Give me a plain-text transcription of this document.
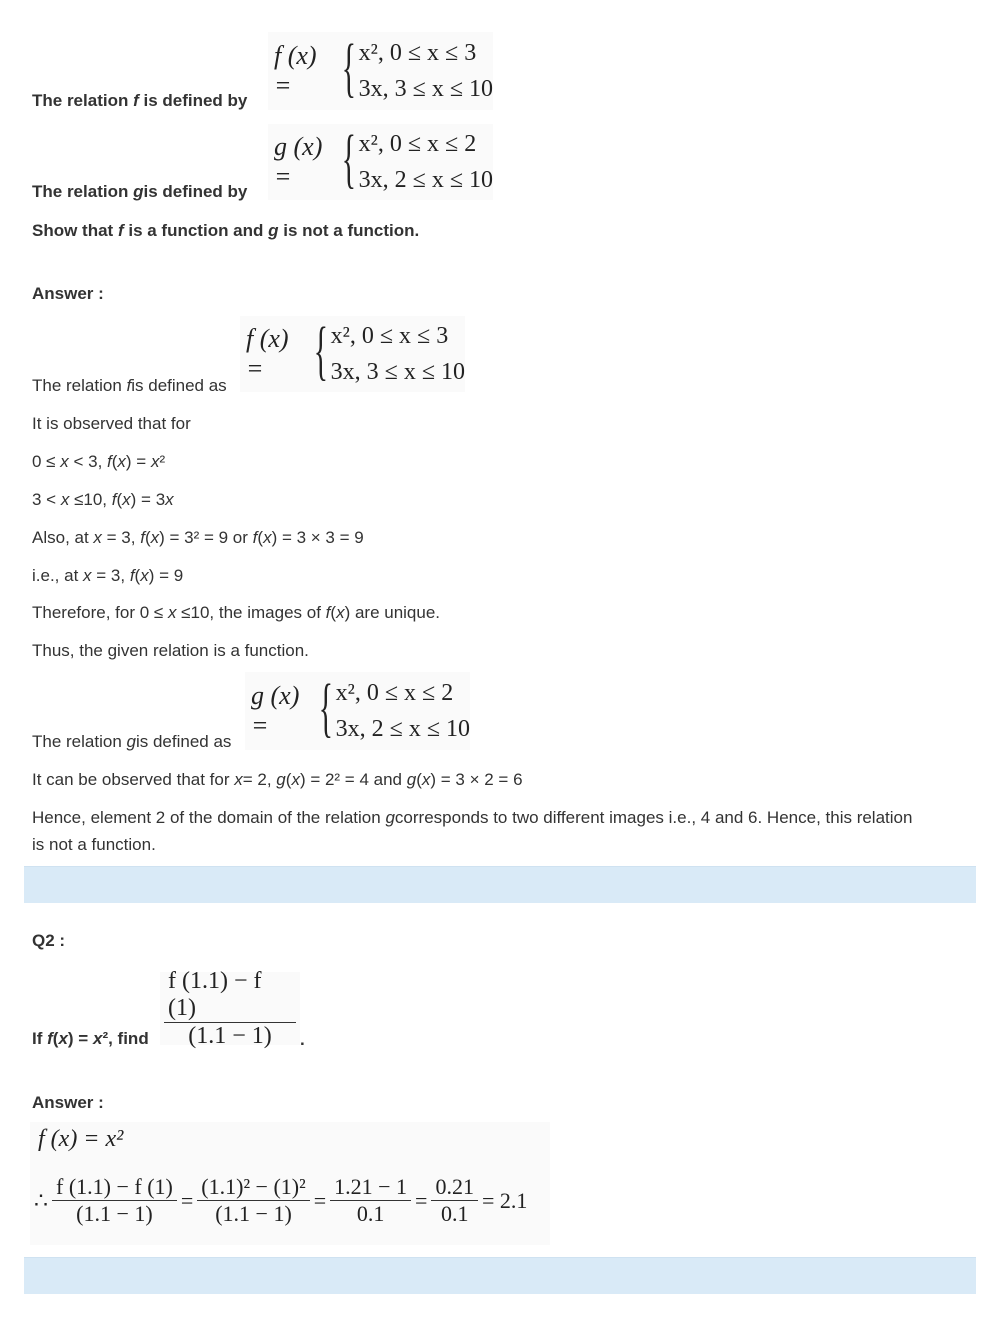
The relation f is defined by
f (x) = { x², 0 ≤ x ≤ 3
3x, 3 ≤ x ≤ 10
The relation gis defined by
g (x) = { x², 0 ≤ x ≤ 2
3x, 2 ≤ x ≤ 10
Show that f is a function and g is not a function.
Answer :
f (x) = { x², 0 ≤ x ≤ 3
3x, 3 ≤ x ≤ 10
The relation fis defined as
It is observed that for
0 ≤ x < 3, f(x) = x²
3 < x ≤10, f(x) = 3x
Also, at x = 3, f(x) = 3² = 9 or f(x) = 3 × 3 = 9
i.e., at x = 3, f(x) = 9
Therefore, for 0 ≤ x ≤10, the images of f(x) are unique.
Thus, the given relation is a function.
g (x) = { x², 0 ≤ x ≤ 2
3x, 2 ≤ x ≤ 10
The relation gis defined as
It can be observed that for x= 2, g(x) = 2² = 4 and g(x) = 3 × 2 = 6
Hence, element 2 of the domain of the relation gcorresponds to two different images i.e., 4 and 6. Hence, this relation
is not a function.
Q2 :
If f(x) = x², find $\frac{f (1.1) - f (1)}{(1.1 - 1)}$ .
Answer :
f (x) = x²
∴ $\frac{f (1.1) - f (1)}{(1.1 - 1)} = \frac{\text{(1.1)² − (1)²}}{(1.1 - 1)} = \frac{1.21 - 1}{0.1} = \frac{0.21}{0.1} = 2.1$
